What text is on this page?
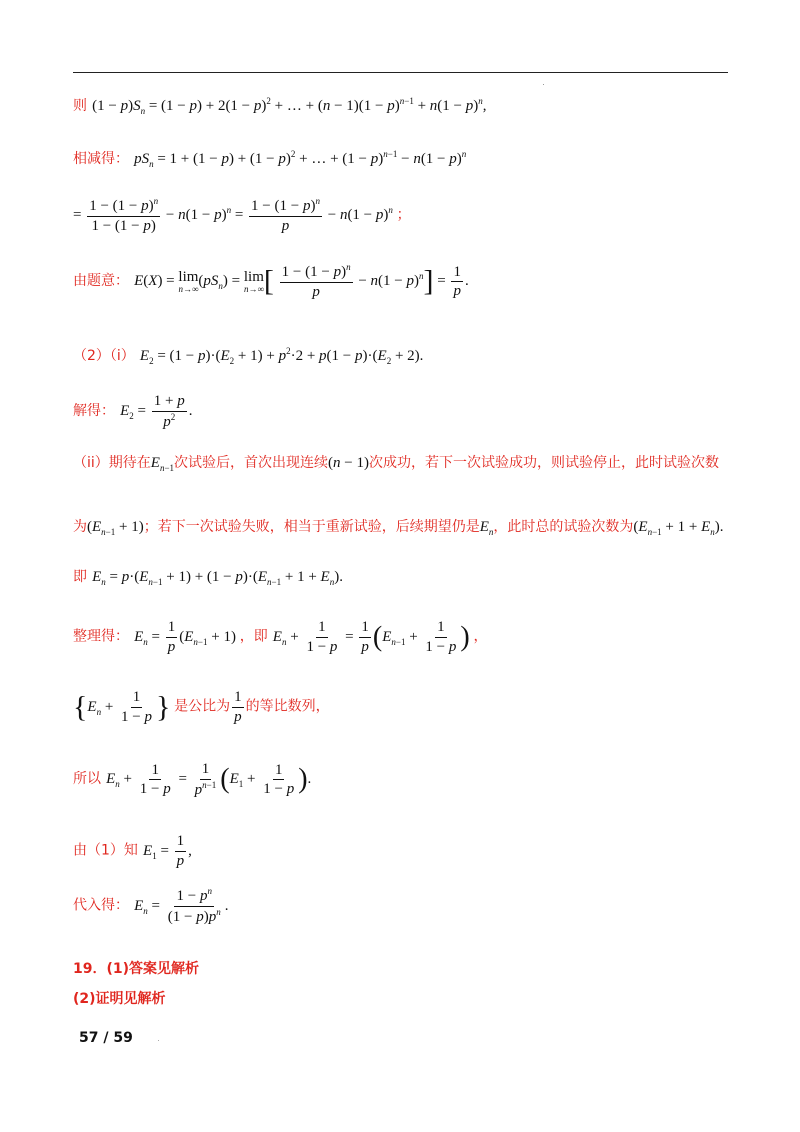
则 $(1 - p)S_n = (1 - p) + 2(1 - p)^2$ + … + $(n - 1)(1 - p)^{n-1} + n(1 - p)^n$,
相减得： $pS_n = 1 + (1 - p) + (1 - p)^2$ + … + $(1 - p)^{n-1} - n(1 - p)^n$
= $\frac{1 - (1 - p)^n}{1 - (1 - p)} - n(1 - p)^n = \frac{1 - (1 - p)^n}{p} - n(1 - p)^n$ ；
由题意： E(X) = lim
n→∞ $(pS_n) = \lim$
n→∞ [ $\frac{1 - (1 - p)^n}{p} - n(1 - p)^n] = \frac{1}{p}$ .
（2）（i） $E_2 = (1 - p)\cdot(E_2 + 1) + p^2\cdot 2 + p(1 - p)\cdot(E_2 + 2)$.
解得： $E_2 = \frac{1 + p}{p^2}$ .
（ii）期待在$E_{n-1}$次试验后，首次出现连续(n − 1)次成功，若下一次试验成功，则试验停止，此时试验次数
为$(E_{n-1} + 1)$；若下一次试验失败，相当于重新试验，后续期望仍是$E_n$，此时总的试验次数为$(E_{n-1} + 1 + E_n)$.
即 $E_n = p\cdot(E_{n-1} + 1) + (1 - p)\cdot(E_{n-1} + 1 + E_n)$.
整理得： $E_n = \frac{1}{p} (E_{n-1} + 1)$ ，即 $E_n + \frac{1}{1 - p} = \frac{1}{p} (E_{n-1} + \frac{1}{1 - p}$ ) ，
{$E_n + \frac{1}{1 - p}$ } 是公比为 $\frac{1}{p}$ 的等比数列，
所以 $E_n + \frac{1}{1 - p} = \frac{1}{p^{n-1}} (E_1 + \frac{1}{1 - p}$ ).
由（1）知 $E_1 = \frac{1}{p}$ ,
代入得： $E_n = \frac{1 - p^n}{(1 - p)p^n}$ .
19．(1)答案见解析
(2)证明见解析
57 / 59
